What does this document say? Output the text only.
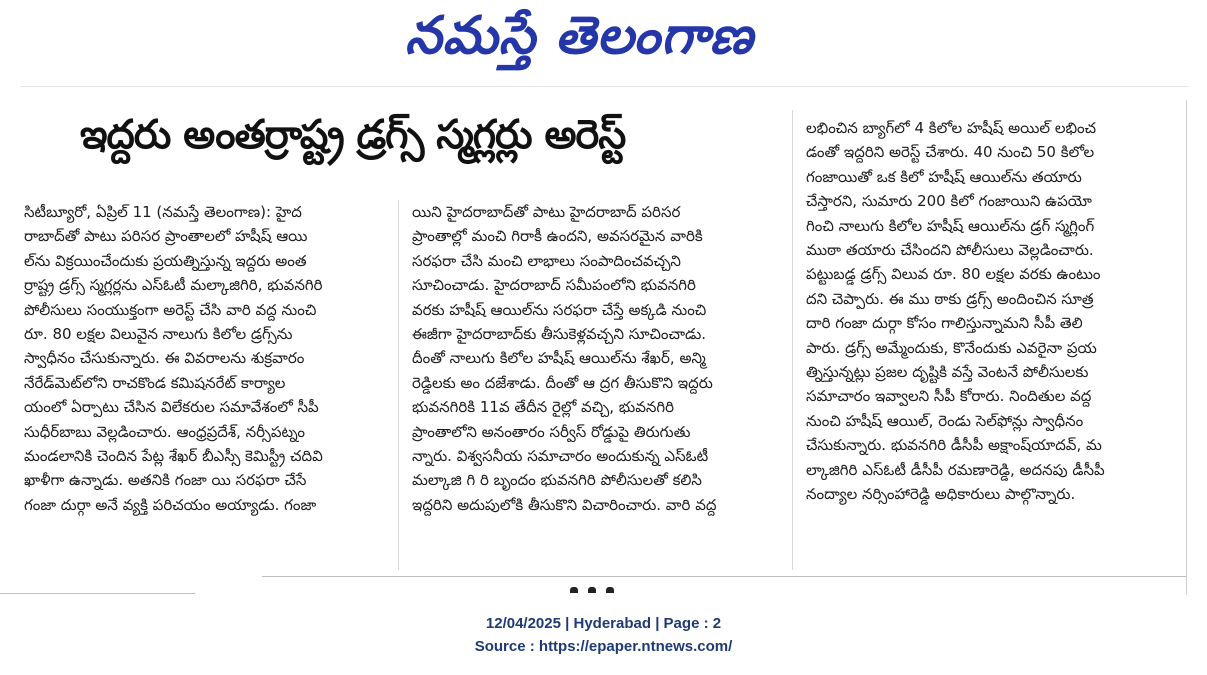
నమస్తే తెలంగాణ
ఇద్దరు అంతర్రాష్ట్ర డ్రగ్స్ స్మగ్లర్లు అరెస్ట్
సిటీబ్యూరో, ఏప్రిల్ 11 (నమస్తే తెలంగాణ): హైద
రాబాద్‌తో పాటు పరిసర ప్రాంతాలలో హషీష్ ఆయి
ల్‌ను విక్రయించేందుకు ప్రయత్నిస్తున్న ఇద్దరు అంత
ర్రాష్ట్ర డ్రగ్స్ స్మగ్లర్లను ఎస్‌ఓటీ మల్కాజిగిరి, భువనగిరి
పోలీసులు సంయుక్తంగా అరెస్ట్ చేసి వారి వద్ద నుంచి
రూ. 80 లక్షల విలువైన నాలుగు కిలోల డ్రగ్స్‌ను
స్వాధీనం చేసుకున్నారు. ఈ వివరాలను శుక్రవారం
నేరేడ్‌మెట్‌లోని రాచకొండ కమిషనరేట్ కార్యాల
యంలో ఏర్పాటు చేసిన విలేకరుల సమావేశంలో సీపీ
సుధీర్‌బాబు వెల్లడించారు. ఆంధ్రప్రదేశ్, నర్సీపట్నం
మండలానికి చెందిన పేట్ల శేఖర్ బీఎస్సీ కెమిస్ట్రీ చదివి
ఖాళీగా ఉన్నాడు. అతనికి గంజా యి సరఫరా చేసే
గంజా దుర్గా అనే వ్యక్తి పరిచయం అయ్యాడు. గంజా
యిని హైదరాబాద్‌తో పాటు హైదరాబాద్ పరిసర
ప్రాంతాల్లో మంచి గిరాకీ ఉందని, అవసరమైన వారికి
సరఫరా చేసి మంచి లాభాలు సంపాదించవచ్చని
సూచించాడు. హైదరాబాద్ సమీపంలోని భువనగిరి
వరకు హషీష్ ఆయిల్‌ను సరఫరా చేస్తే అక్కడి నుంచి
ఈజీగా హైదరాబాద్‌కు తీసుకెళ్లవచ్చని సూచించాడు.
దీంతో నాలుగు కిలోల హషీష్ ఆయిల్‌ను శేఖర్, అన్మి
రెడ్డిలకు అం దజేశాడు. దీంతో ఆ ద్రగ తీసుకొని ఇద్దరు
భువనగిరికి 11వ తేదీన రైల్లో వచ్చి, భువనగిరి
ప్రాంతాలోని అనంతారం సర్వీస్ రోడ్డుపై తిరుగుతు
న్నారు. విశ్వసనీయ సమాచారం అందుకున్న ఎస్‌ఓటీ
మల్కాజి గి రి బృందం భువనగిరి పోలీసులతో కలిసి
ఇద్దరిని అదుపులోకి తీసుకొని విచారించారు. వారి వద్ద
లభించిన బ్యాగ్‌లో 4 కిలోల హషీష్ అయిల్ లభించ
డంతో ఇద్దరిని అరెస్ట్ చేశారు. 40 నుంచి 50 కిలోల
గంజాయితో ఒక కిలో హషీష్ ఆయిల్‌ను తయారు
చేస్తారని, సుమారు 200 కిలో గంజాయిని ఉపయో
గించి నాలుగు కిలోల హషీష్ ఆయిల్‌ను డ్రగ్ స్మగ్లింగ్
ముఠా తయారు చేసిందని పోలీసులు వెల్లడించారు.
పట్టుబడ్డ డ్రగ్స్ విలువ రూ. 80 లక్షల వరకు ఉంటుం
దని చెప్పారు. ఈ ము ఠాకు డ్రగ్స్ అందించిన సూత్ర
దారి గంజా దుర్గా కోసం గాలిస్తున్నామని సీపీ తెలి
పారు. డ్రగ్స్ అమ్మేందుకు, కొనేందుకు ఎవరైనా ప్రయ
త్నిస్తున్నట్లు ప్రజల దృష్టికి వస్తే వెంటనే పోలీసులకు
సమాచారం ఇవ్వాలని సీపీ కోరారు. నిందితుల వద్ద
నుంచి హషీష్ ఆయిల్, రెండు సెల్‌ఫోన్లు స్వాధీనం
చేసుకున్నారు. భువనగిరి డీసీపీ అక్షాంష్‌యాదవ్, మ
ల్కాజిగిరి ఎస్‌ఓటీ డీసీపీ రమణారెడ్డి, అదనపు డీసీపీ
నంద్యాల నర్సింహారెడ్డి అధికారులు పాల్గొన్నారు.
12/04/2025 | Hyderabad | Page : 2
Source : https://epaper.ntnews.com/
